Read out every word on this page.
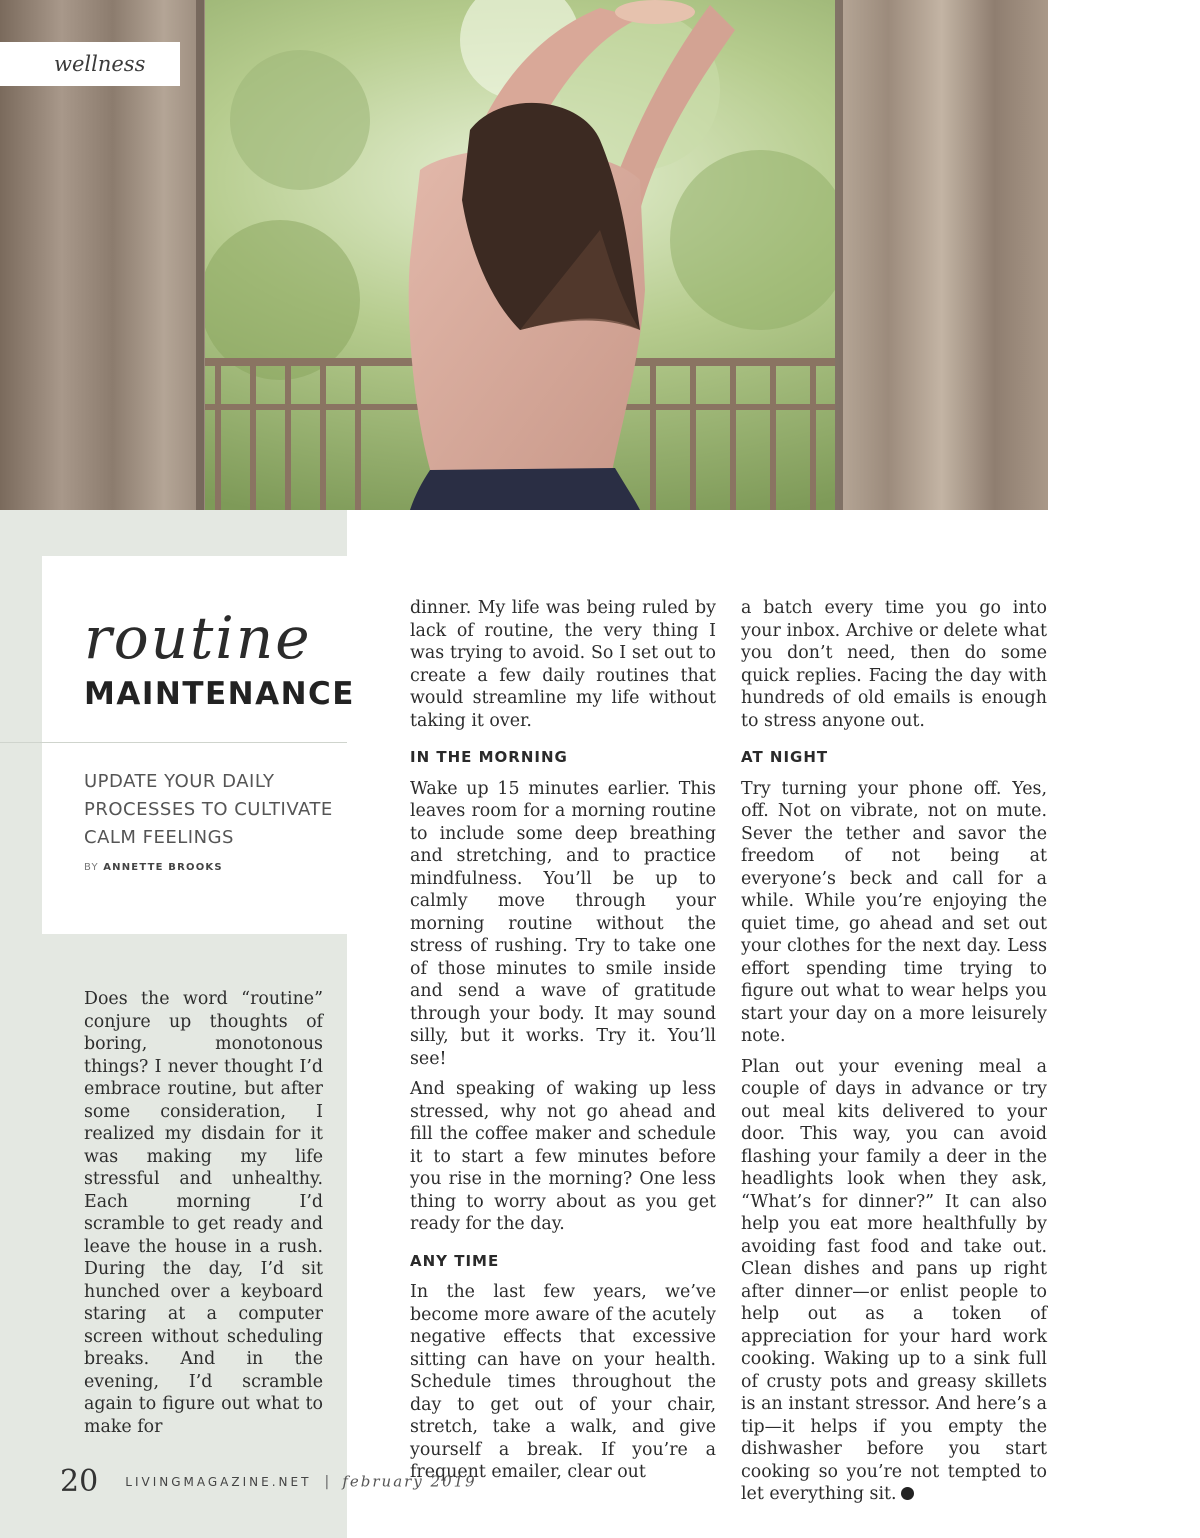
wellness
routine
MAINTENANCE
UPDATE YOUR DAILY PROCESSES TO CULTIVATE CALM FEELINGS
BY ANNETTE BROOKS

Does the word “routine” conjure up thoughts of boring, monotonous things? I never thought I’d embrace routine, but after some consideration, I realized my disdain for it was making my life stressful and unhealthy. Each morning I’d scramble to get ready and leave the house in a rush. During the day, I’d sit hunched over a keyboard staring at a computer screen without scheduling breaks. And in the evening, I’d scramble again to figure out what to make for

dinner. My life was being ruled by lack of routine, the very thing I was trying to avoid. So I set out to create a few daily routines that would streamline my life without taking it over.

IN THE MORNING

Wake up 15 minutes earlier. This leaves room for a morning routine to include some deep breathing and stretching, and to practice mindfulness. You’ll be up to calmly move through your morning routine without the stress of rushing. Try to take one of those minutes to smile inside and send a wave of gratitude through your body. It may sound silly, but it works. Try it. You’ll see!

And speaking of waking up less stressed, why not go ahead and fill the coffee maker and schedule it to start a few minutes before you rise in the morning? One less thing to worry about as you get ready for the day.

ANY TIME

In the last few years, we’ve become more aware of the acutely negative effects that excessive sitting can have on your health. Schedule times throughout the day to get out of your chair, stretch, take a walk, and give yourself a break. If you’re a frequent emailer, clear out

a batch every time you go into your inbox. Archive or delete what you don’t need, then do some quick replies. Facing the day with hundreds of old emails is enough to stress anyone out.

AT NIGHT

Try turning your phone off. Yes, off. Not on vibrate, not on mute. Sever the tether and savor the freedom of not being at everyone’s beck and call for a while. While you’re enjoying the quiet time, go ahead and set out your clothes for the next day. Less effort spending time trying to figure out what to wear helps you start your day on a more leisurely note.

Plan out your evening meal a couple of days in advance or try out meal kits delivered to your door. This way, you can avoid flashing your family a deer in the headlights look when they ask, “What’s for dinner?” It can also help you eat more healthfully by avoiding fast food and take out. Clean dishes and pans up right after dinner—or enlist people to help out as a token of appreciation for your hard work cooking. Waking up to a sink full of crusty pots and greasy skillets is an instant stressor. And here’s a tip—it helps if you empty the dishwasher before you start cooking so you’re not tempted to let everything sit.

20 LIVINGMAGAZINE.NET | february 2019
